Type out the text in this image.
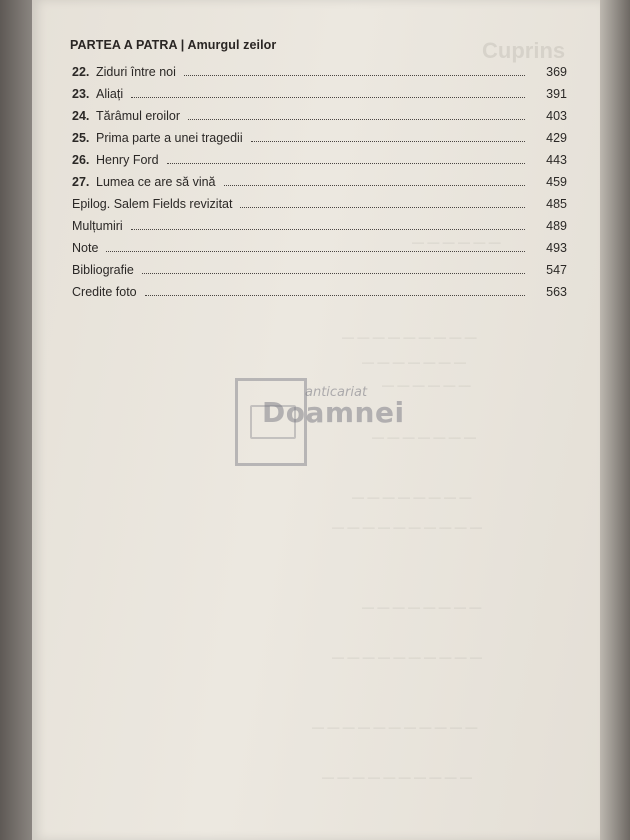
Cuprins
— — — — — —
— — — — — — — — —
— — — — — — —
— — — — — —
— — — — — — —
— — — — — — — —
— — — — — — — — — —
— — — — — — — —
— — — — — — — — — —
— — — — — — — — — — —
— — — — — — — — — —
PARTEA A PATRA | Amurgul zeilor
22. Ziduri între noi	369
23. Aliați	391
24. Tărâmul eroilor	403
25. Prima parte a unei tragedii	429
26. Henry Ford	443
27. Lumea ce are să vină	459
Epilog. Salem Fields revizitat	485
Mulțumiri	489
Note	493
Bibliografie	547
Credite foto	563
anticariat
Doamnei
